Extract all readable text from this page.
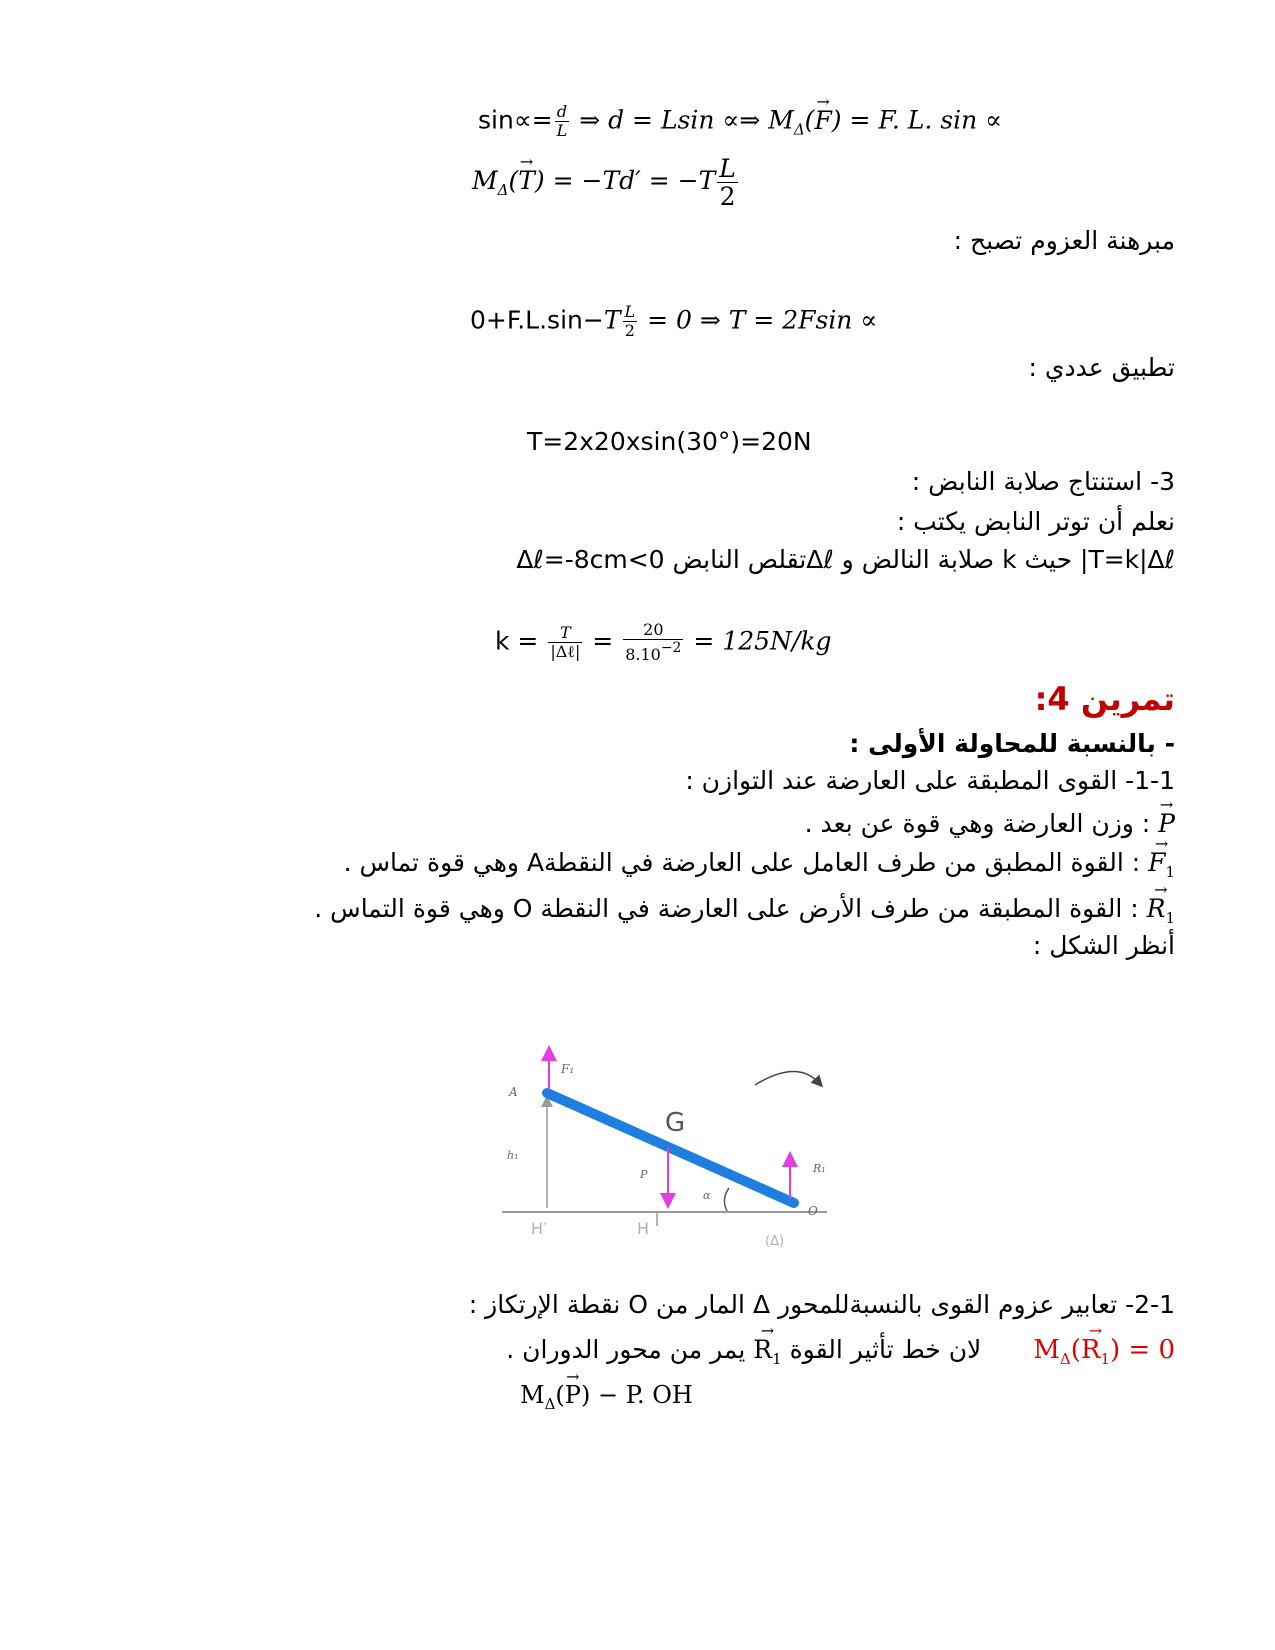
$\sin\propto= \frac{d}{L}$ ⇒ d = Lsin ∝⇒ $M_\Delta(\to F) = F$. L. sin ∝
$M_\Delta(\to T) = -Td' = -T \frac{L}{2}$
مبرهنة العزوم تصبح :
$0+F.L.\sin-T \frac{L}{2} = 0$ ⇒ T = 2Fsin ∝
تطبيق عددي :
T=2x20xsin(30°)=20N
3- استنتاج صلابة النابض :
نعلم أن توتر النابض يكتب :
T=k|Δℓ| حيث k صلابة النالض و Δℓتقلص النابض Δℓ=-8cm<0
$k = \frac{T}{\text{|Δℓ|}} = \frac{20}{8.10-2} = 125N/kg$
تمرين 4:
- بالنسبة للمحاولة الأولى :
1-1- القوى المطبقة على العارضة عند التوازن :
→ P : وزن العارضة وهي قوة عن بعد .
→ $F_1$ : القوة المطبق من طرف العامل على العارضة في النقطةA وهي قوة تماس .
→ $R_1$ : القوة المطبقة من طرف الأرض على العارضة في النقطة O وهي قوة التماس .
أنظر الشكل :
A
F₁
G
h₁
P	R₁
α
O
H′	H
(Δ)
2-1- تعابير عزوم القوى بالنسبةللمحور Δ المار من O نقطة الإرتكاز :
$M_\Delta(\to R_1) = 0$  لان خط تأثير القوة → $R_1$ يمر من محور الدوران .
$M_\Delta(\to P) - P$. OH
